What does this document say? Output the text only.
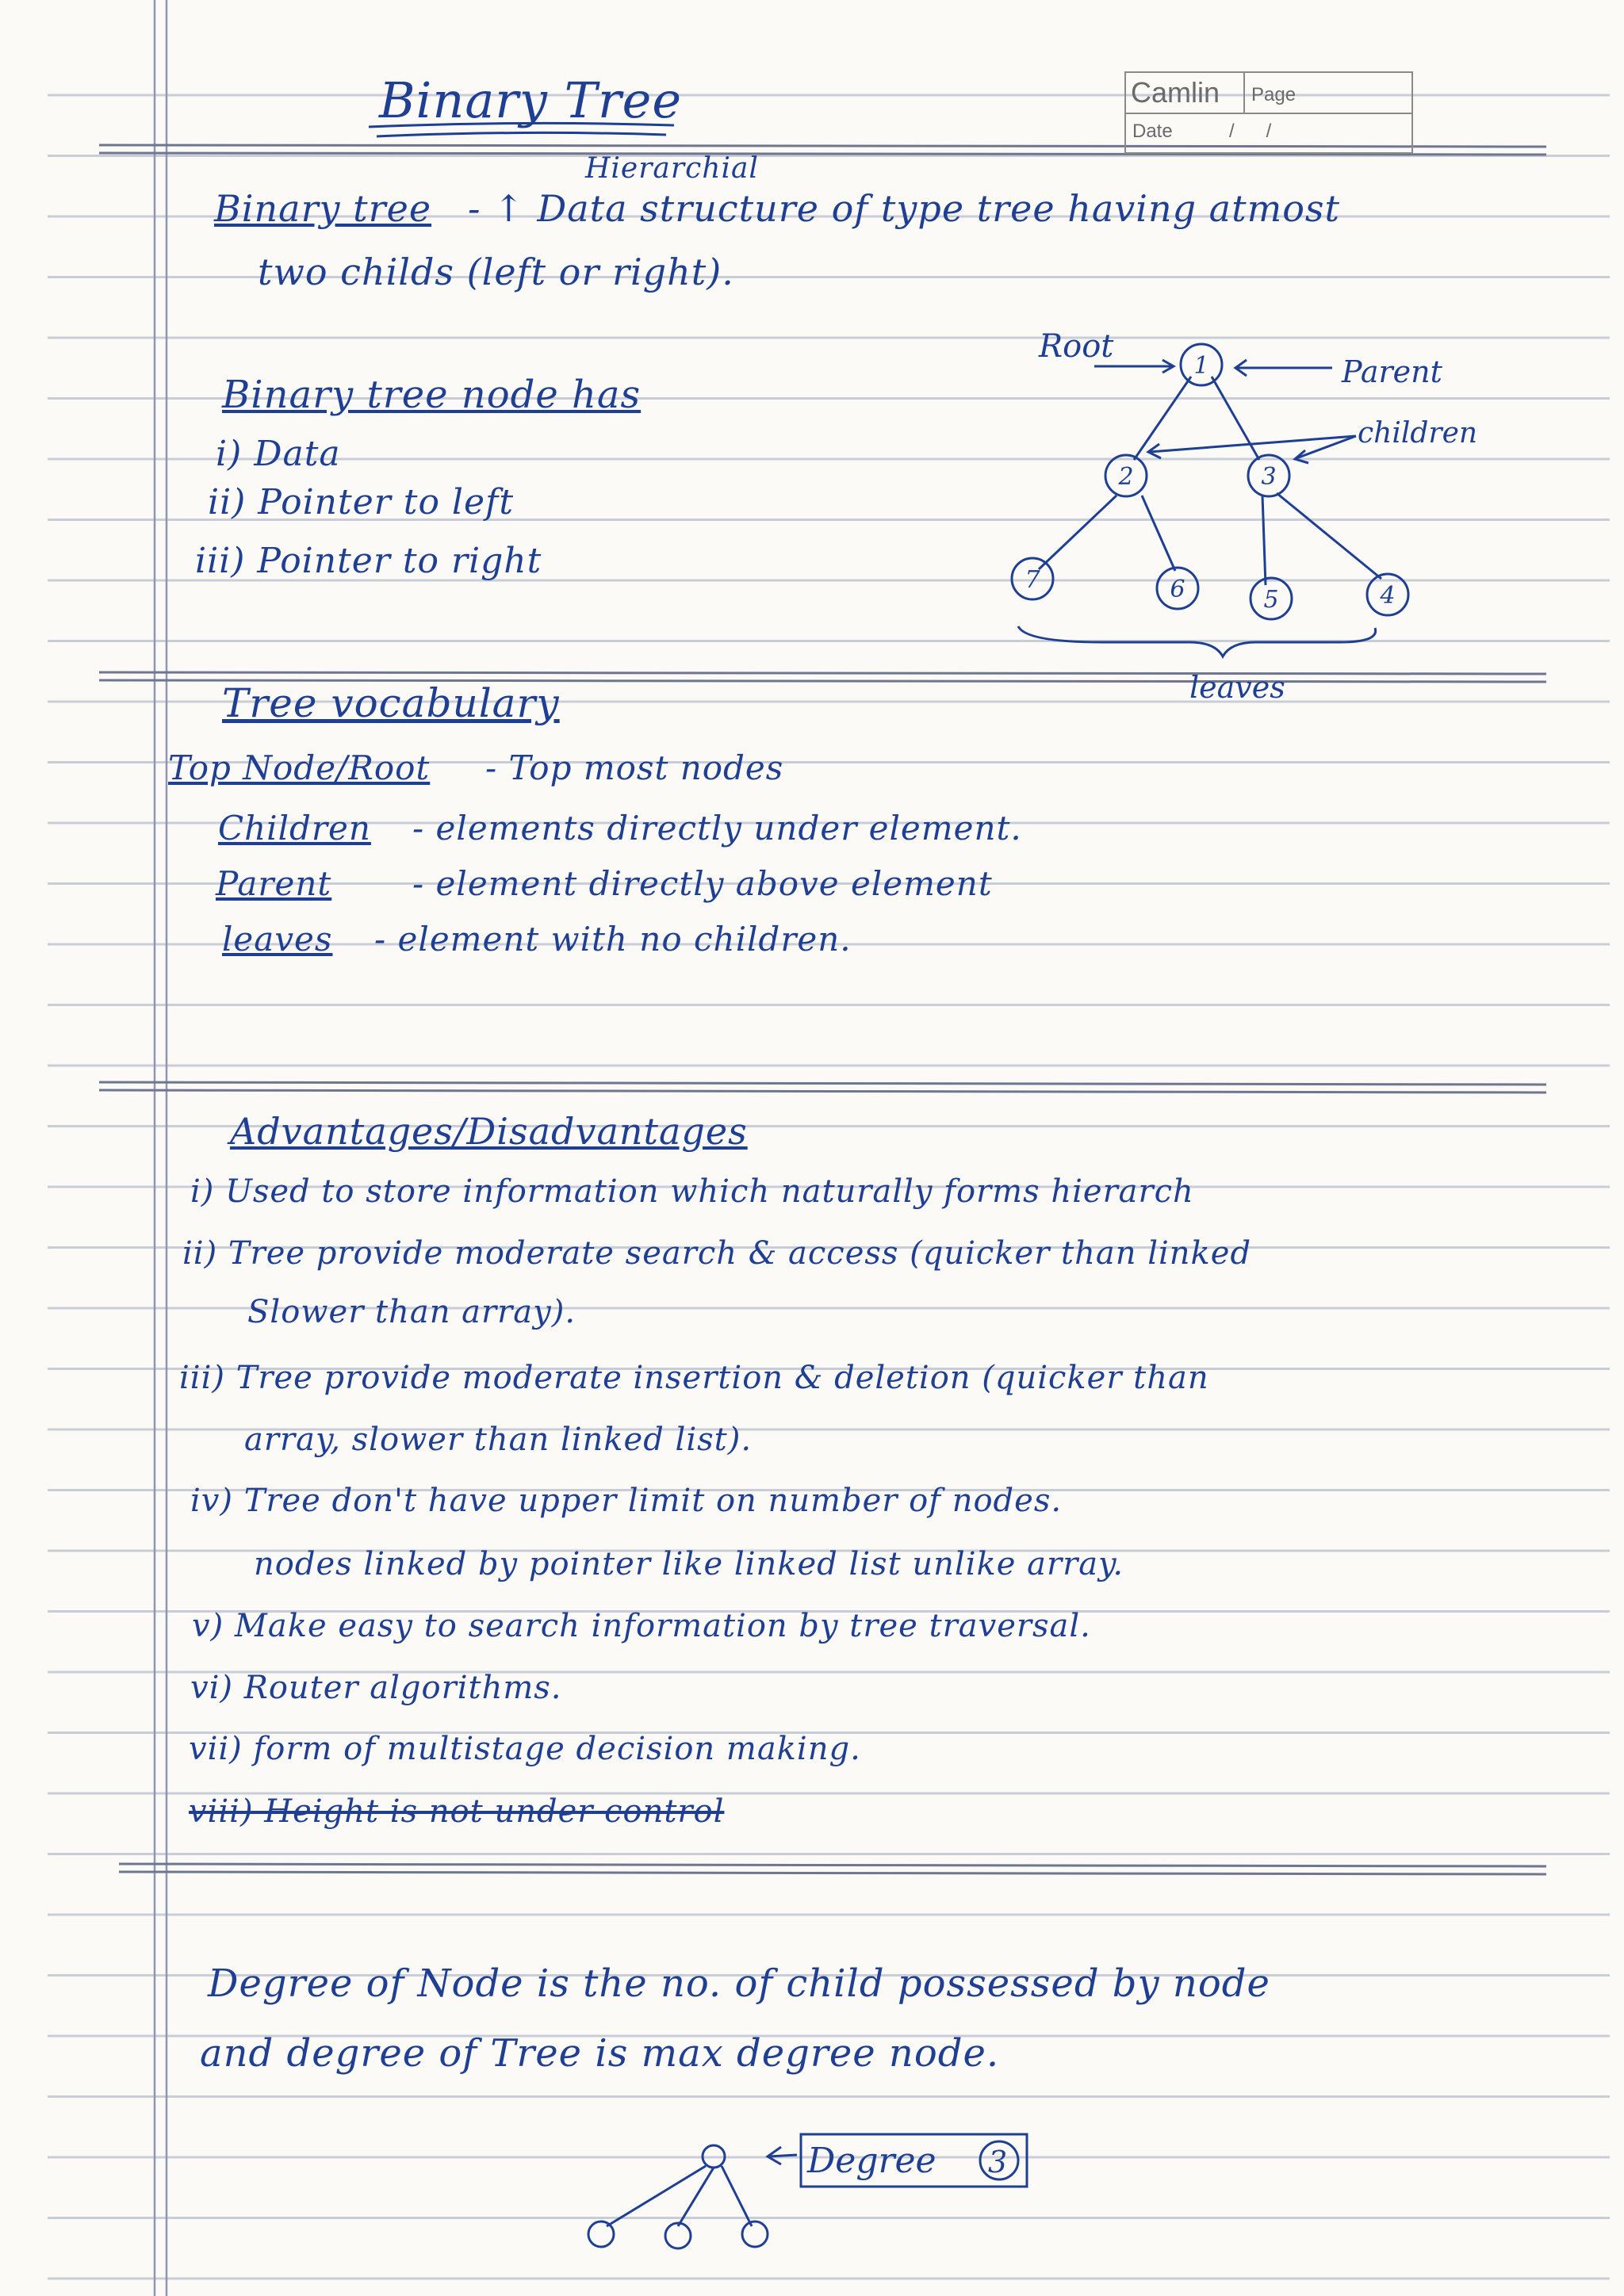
Camlin Page
Date	/      /
Binary Tree
Hierarchial
Binary tree - ↑ Data structure of type tree having atmost
two childs (left or right).
Binary tree node has
i) Data
ii) Pointer to left
iii) Pointer to right
1
2	3
7	6	5	4
Root
Parent
children
leaves
Tree vocabulary
Top Node/Root - Top most nodes
Children - elements directly under element.
Parent - element directly above element
leaves - element with no children.
Advantages/Disadvantages
i) Used to store information which naturally forms hierarch
ii) Tree provide moderate search & access (quicker than linked
Slower than array).
iii) Tree provide moderate insertion & deletion (quicker than
array, slower than linked list).
iv) Tree don't have upper limit on number of nodes.
nodes linked by pointer like linked list unlike array.
v) Make easy to search information by tree traversal.
vi) Router algorithms.
vii) form of multistage decision making.
viii) Height is not under control
Degree of Node is the no. of child possessed by node
and degree of Tree is max degree node.
Degree 3
